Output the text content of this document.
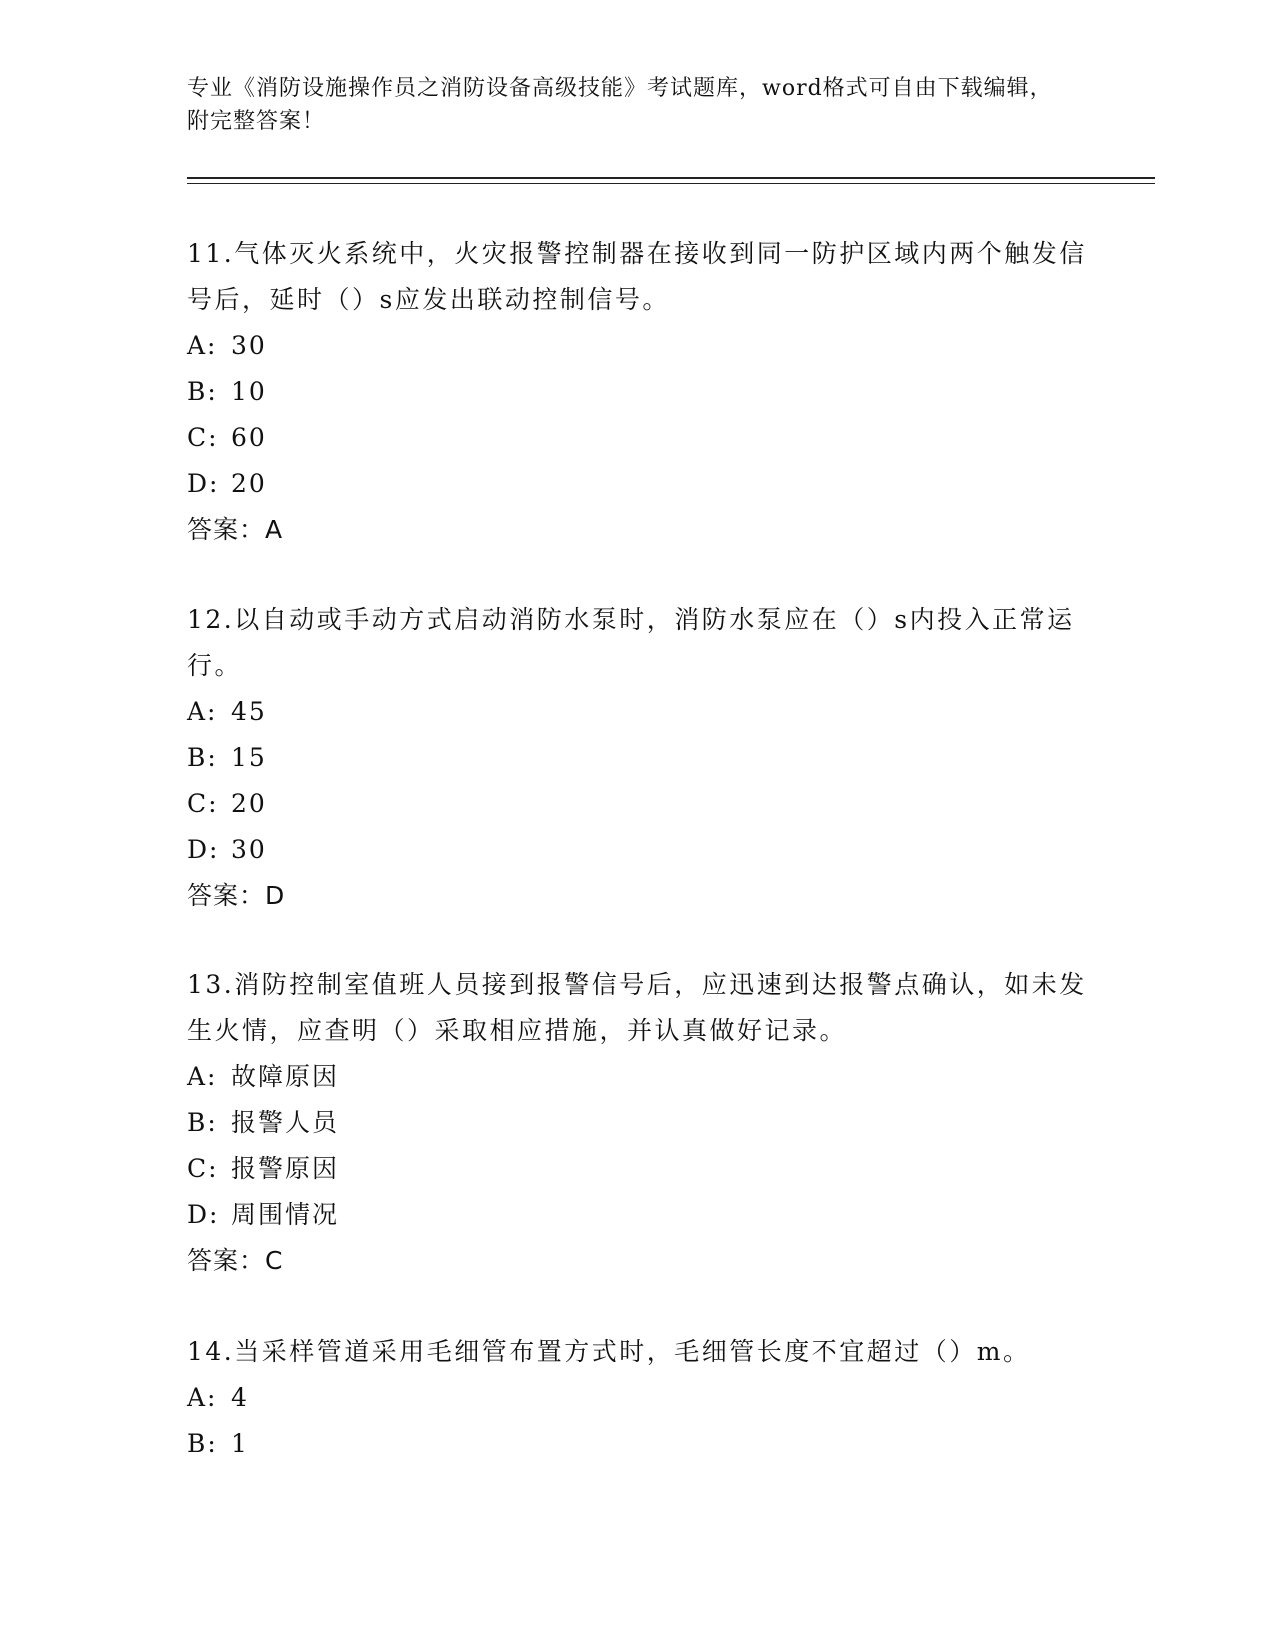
专业《消防设施操作员之消防设备高级技能》考试题库，word格式可自由下载编辑，附完整答案！

11.气体灭火系统中，火灾报警控制器在接收到同一防护区域内两个触发信号后，延时（）s应发出联动控制信号。

A: 30

B: 10

C: 60

D: 20

答案：A

12.以自动或手动方式启动消防水泵时，消防水泵应在（）s内投入正常运行。

A: 45

B: 15

C: 20

D: 30

答案：D

13.消防控制室值班人员接到报警信号后，应迅速到达报警点确认，如未发生火情，应查明（）采取相应措施，并认真做好记录。

A: 故障原因

B: 报警人员

C: 报警原因

D: 周围情况

答案：C

14.当采样管道采用毛细管布置方式时，毛细管长度不宜超过（）m。

A: 4

B: 1
